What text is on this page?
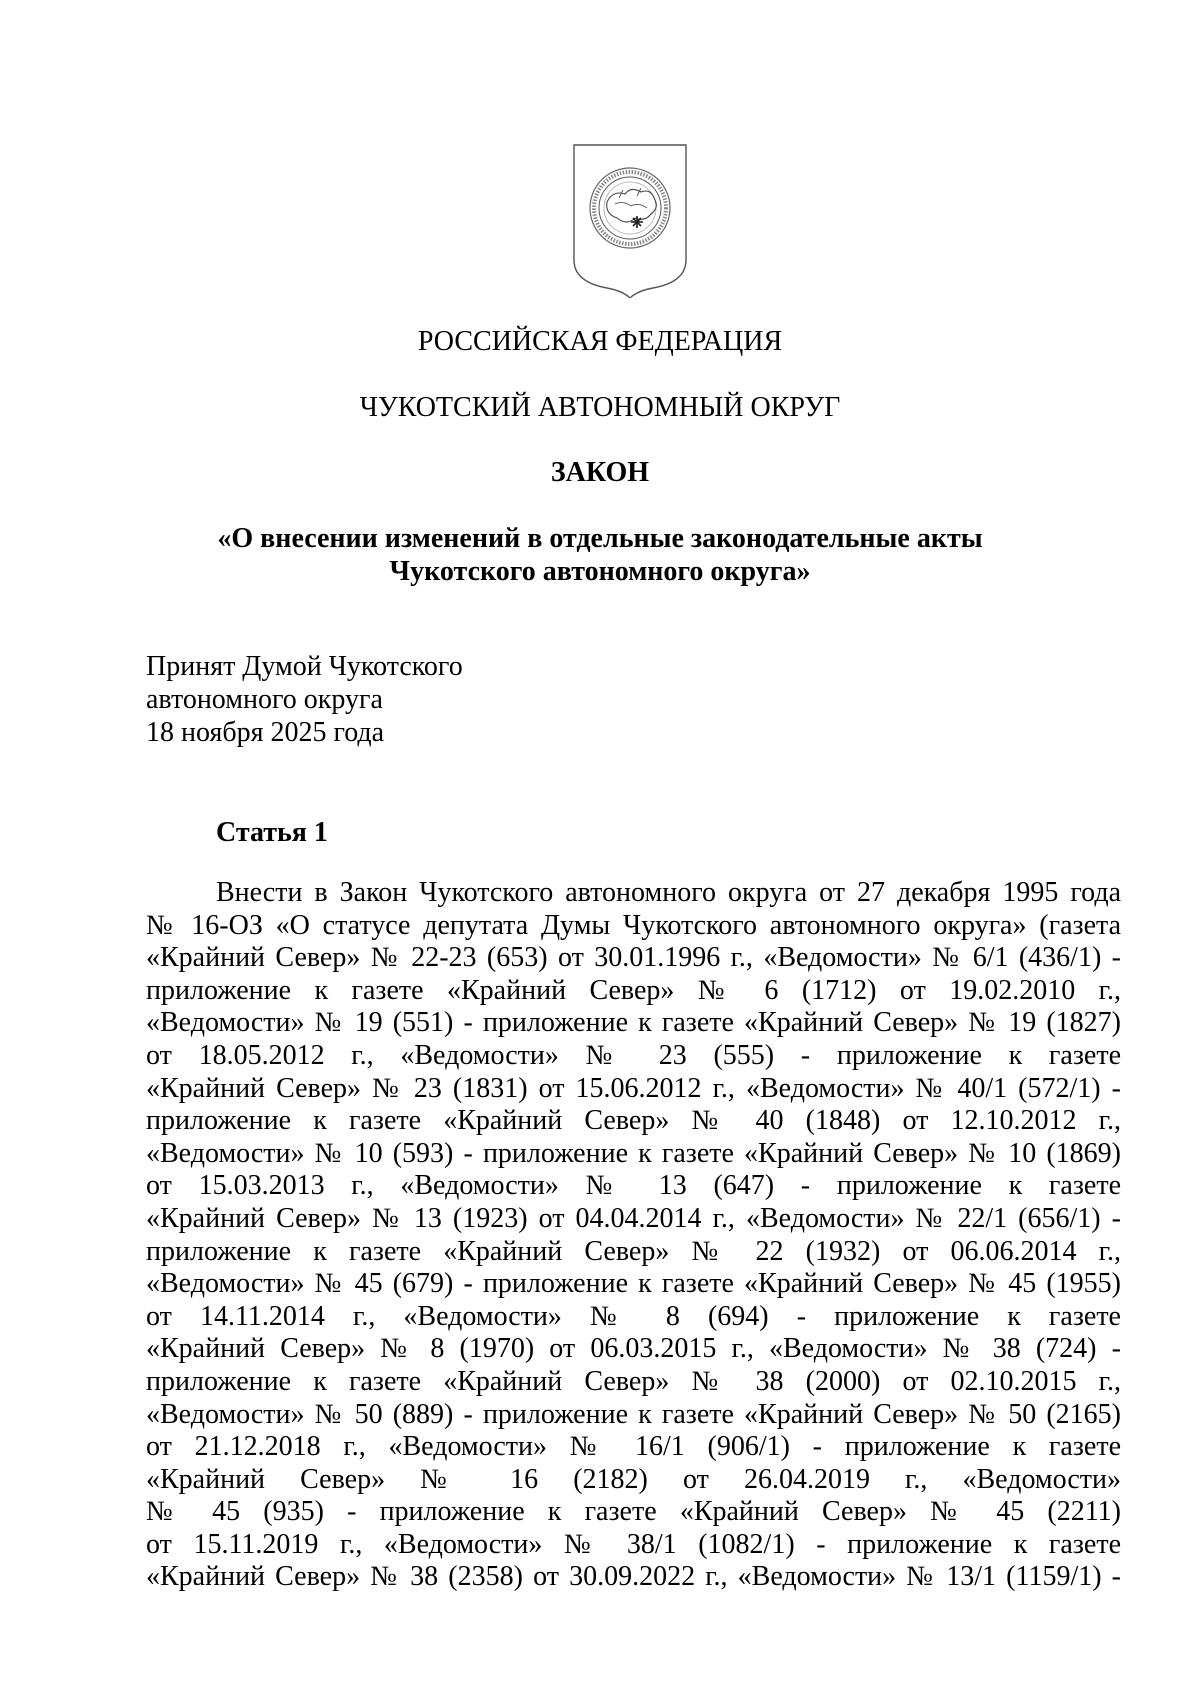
РОССИЙСКАЯ ФЕДЕРАЦИЯ
ЧУКОТСКИЙ АВТОНОМНЫЙ ОКРУГ
ЗАКОН
«О внесении изменений в отдельные законодательные акты
Чукотского автономного округа»
Принят Думой Чукотского
автономного округа
18 ноября 2025 года
Статья 1
Внести в Закон Чукотского автономного округа от 27 декабря 1995 года
№ 16-ОЗ «О статусе депутата Думы Чукотского автономного округа» (газета
«Крайний Север» № 22-23 (653) от 30.01.1996 г., «Ведомости» № 6/1 (436/1) -
приложение к газете «Крайний Север» № 6 (1712) от 19.02.2010 г.,
«Ведомости» № 19 (551) - приложение к газете «Крайний Север» № 19 (1827)
от 18.05.2012 г., «Ведомости» № 23 (555) - приложение к газете
«Крайний Север» № 23 (1831) от 15.06.2012 г., «Ведомости» № 40/1 (572/1) -
приложение к газете «Крайний Север» № 40 (1848) от 12.10.2012 г.,
«Ведомости» № 10 (593) - приложение к газете «Крайний Север» № 10 (1869)
от 15.03.2013 г., «Ведомости» № 13 (647) - приложение к газете
«Крайний Север» № 13 (1923) от 04.04.2014 г., «Ведомости» № 22/1 (656/1) -
приложение к газете «Крайний Север» № 22 (1932) от 06.06.2014 г.,
«Ведомости» № 45 (679) - приложение к газете «Крайний Север» № 45 (1955)
от 14.11.2014 г., «Ведомости» № 8 (694) - приложение к газете
«Крайний Север» № 8 (1970) от 06.03.2015 г., «Ведомости» № 38 (724) -
приложение к газете «Крайний Север» № 38 (2000) от 02.10.2015 г.,
«Ведомости» № 50 (889) - приложение к газете «Крайний Север» № 50 (2165)
от 21.12.2018 г., «Ведомости» № 16/1 (906/1) - приложение к газете
«Крайний Север» № 16 (2182) от 26.04.2019 г., «Ведомости»
№ 45 (935) - приложение к газете «Крайний Север» № 45 (2211)
от 15.11.2019 г., «Ведомости» № 38/1 (1082/1) - приложение к газете
«Крайний Север» № 38 (2358) от 30.09.2022 г., «Ведомости» № 13/1 (1159/1) -
